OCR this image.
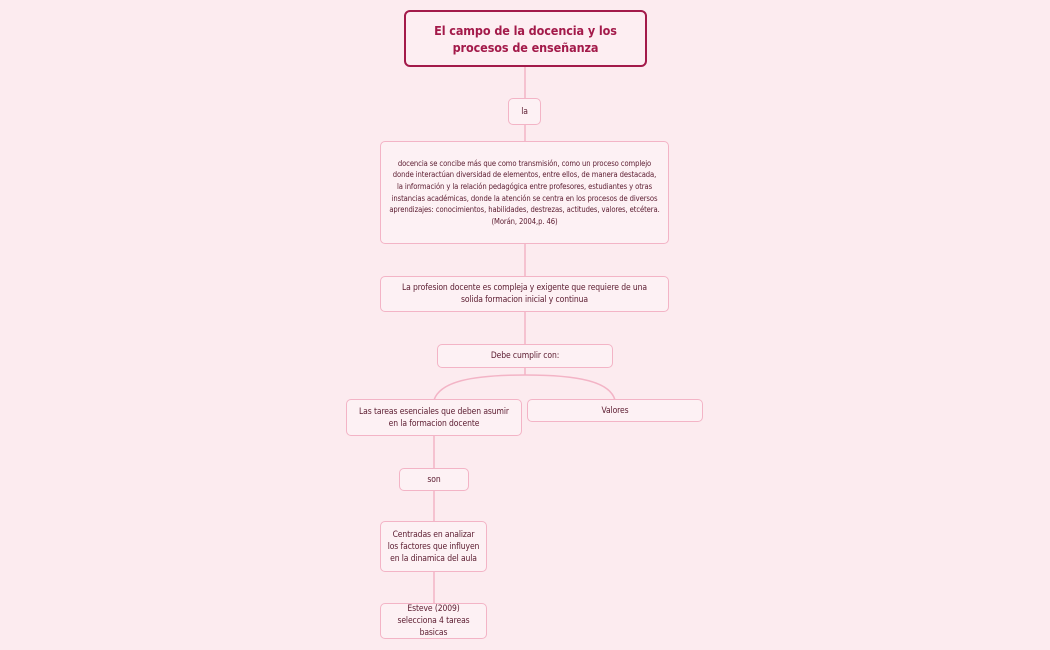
El campo de la docencia y los procesos de enseñanza
la
docencia se concibe más que como transmisión, como un proceso complejo donde interactúan diversidad de elementos, entre ellos, de manera destacada, la información y la relación pedagógica entre profesores, estudiantes y otras instancias académicas, donde la atención se centra en los procesos de diversos aprendizajes: conocimientos, habilidades, destrezas, actitudes, valores, etcétera. (Morán, 2004,p. 46)
La profesion docente es compleja y exigente que requiere de una solida formacion inicial y continua
Debe cumplir con:
Las tareas esenciales que deben asumir en la formacion docente
Valores
son
Centradas en analizar los factores que influyen en la dinamica del aula
Esteve (2009) selecciona 4 tareas basicas
